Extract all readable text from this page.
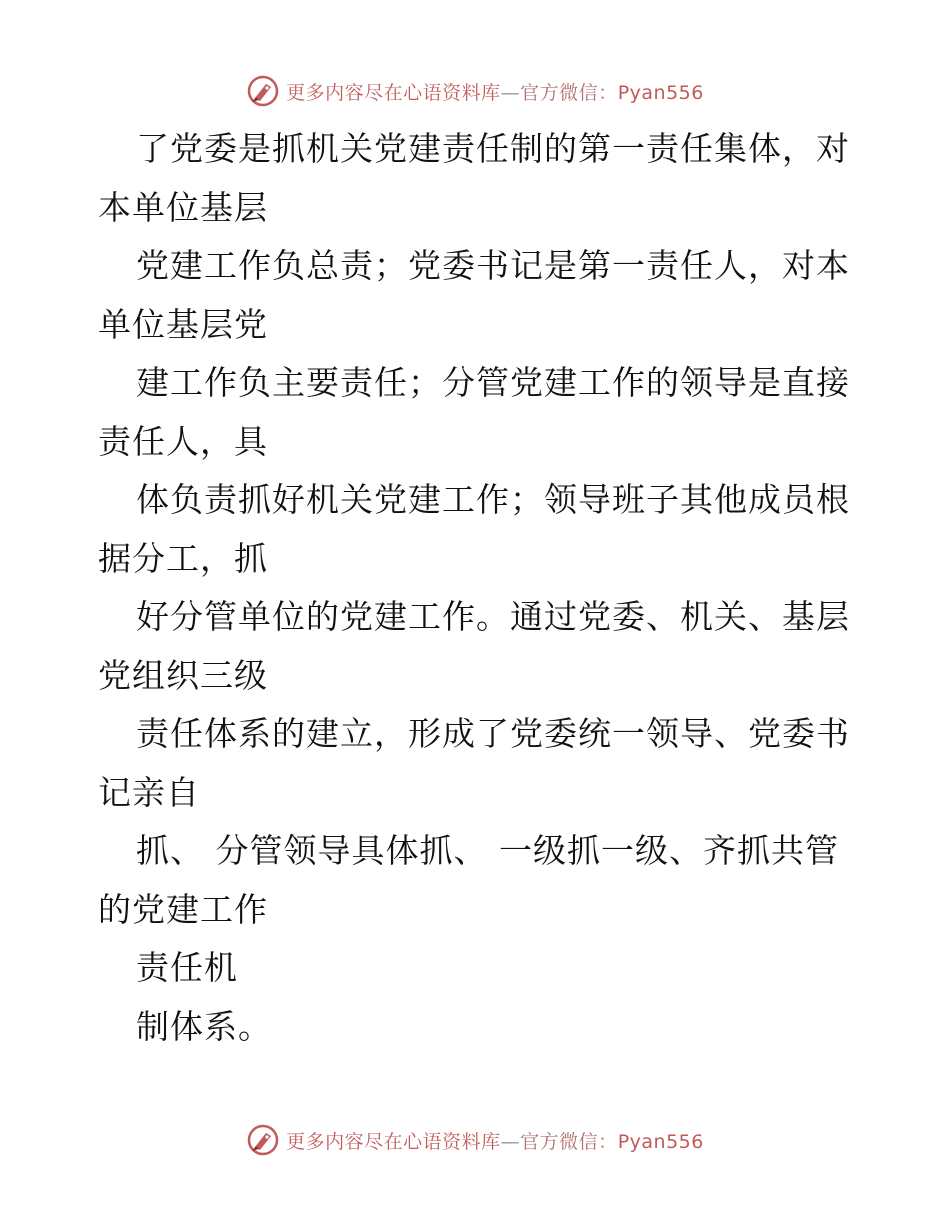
更多内容尽在心语资料库—官方微信：Pyan556
了党委是抓机关党建责任制的第一责任集体，对
本单位基层
党建工作负总责；党委书记是第一责任人，对本
单位基层党
建工作负主要责任；分管党建工作的领导是直接
责任人，具
体负责抓好机关党建工作；领导班子其他成员根
据分工，抓
好分管单位的党建工作。通过党委、机关、基层
党组织三级
责任体系的建立，形成了党委统一领导、党委书
记亲自
抓、 分管领导具体抓、 一级抓一级、齐抓共管
的党建工作
责任机
制体系。
更多内容尽在心语资料库—官方微信：Pyan556
